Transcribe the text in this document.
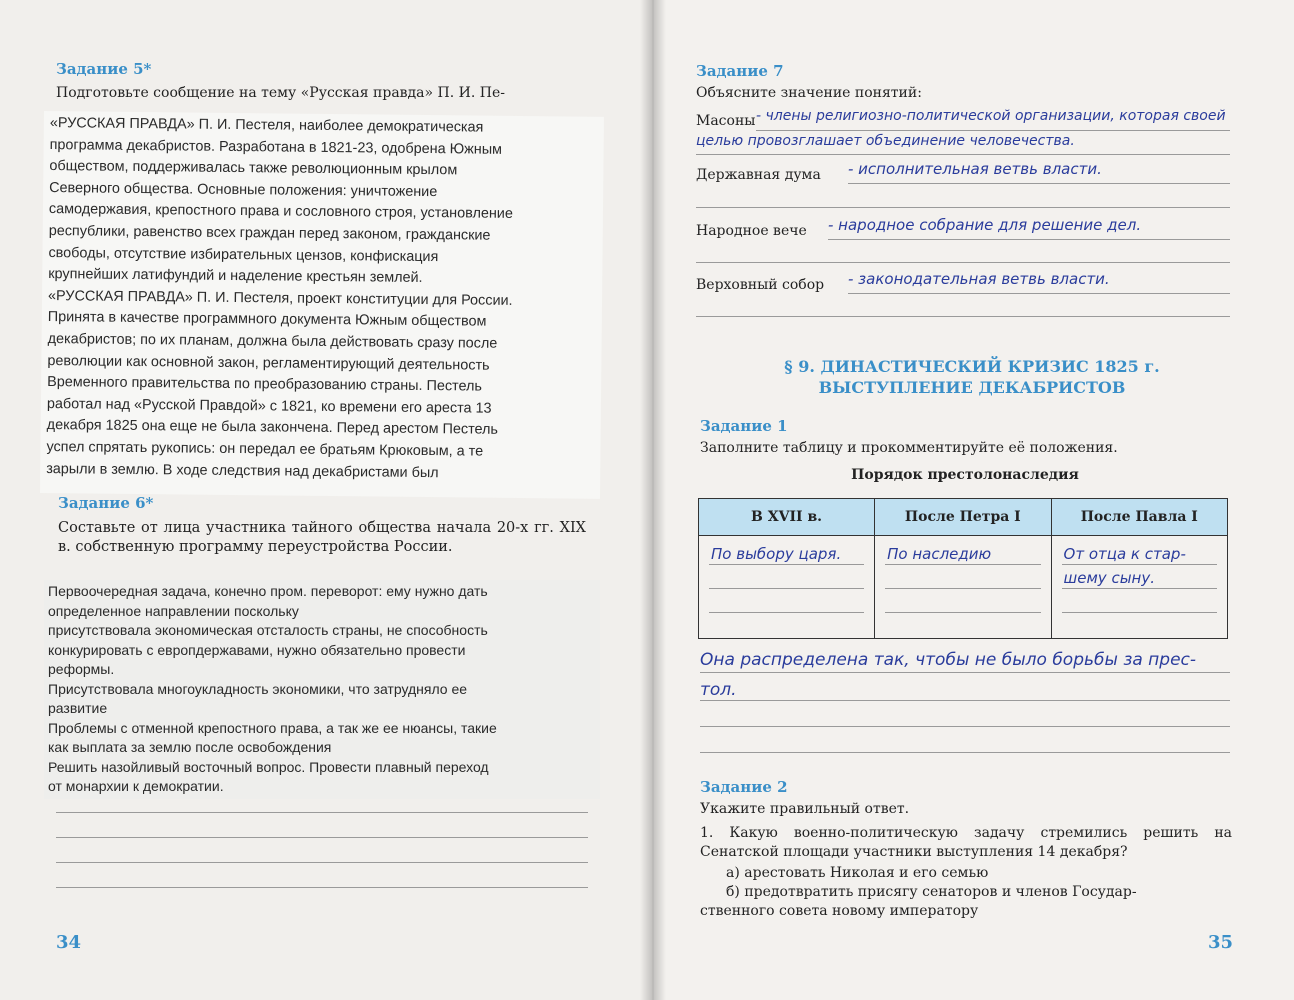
Задание 5*
Подготовьте сообщение на тему «Русская правда» П. И. Пе-

«РУССКАЯ ПРАВДА» П. И. Пестеля, наиболее демократическая
программа декабристов. Разработана в 1821-23, одобрена Южным
обществом, поддерживалась также революционным крылом
Северного общества. Основные положения: уничтожение
самодержавия, крепостного права и сословного строя, установление
республики, равенство всех граждан перед законом, гражданские
свободы, отсутствие избирательных цензов, конфискация
крупнейших латифундий и наделение крестьян землей.
«РУССКАЯ ПРАВДА» П. И. Пестеля, проект конституции для России.
Принята в качестве программного документа Южным обществом
декабристов; по их планам, должна была действовать сразу после
революции как основной закон, регламентирующий деятельность
Временного правительства по преобразованию страны. Пестель
работал над «Русской Правдой» с 1821, ко времени его ареста 13
декабря 1825 она еще не была закончена. Перед арестом Пестель
успел спрятать рукопись: он передал ее братьям Крюковым, а те
зарыли в землю. В ходе следствия над декабристами был

Задание 6*
Составьте от лица участника тайного общества начала 20-х гг. XIX в. собственную программу переустройства России.

Первоочередная задача, конечно пром. переворот: ему нужно дать
определенное направлении поскольку
присутствовала экономическая отсталость страны, не способность
конкурировать с европдержавами, нужно обязательно провести
реформы.
Присутствовала многоукладность экономики, что затрудняло ее
развитие
Проблемы с отменной крепостного права, а так же ее нюансы, такие
как выплата за землю после освобождения
Решить назойливый восточный вопрос. Провести плавный переход
от монархии к демократии.

34
Задание 7
Объясните значение понятий:
Масоны - члены религиозно-политической организации, которая своей
целью провозглашает объединение человечества.
Державная дума - исполнительная ветвь власти.
Народное вече - народное собрание для решение дел.
Верховный собор - законодательная ветвь власти.
§ 9. ДИНАСТИЧЕСКИЙ КРИЗИС 1825 г.
ВЫСТУПЛЕНИЕ ДЕКАБРИСТОВ
Задание 1
Заполните таблицу и прокомментируйте её положения.
Порядок престолонаследия
В XVII в.	После Петра I	После Павла I

По выбору царя.	По наследию	От отца к стар-
шему сыну.
Она распределена так, чтобы не было борьбы за прес-
тол.
Задание 2
Укажите правильный ответ.
1. Какую военно-политическую задачу стремились решить на Сенатской площади участники выступления 14 декабря?
а) арестовать Николая и его семью
б) предотвратить присягу сенаторов и членов Государ-
ственного совета новому императору
35
